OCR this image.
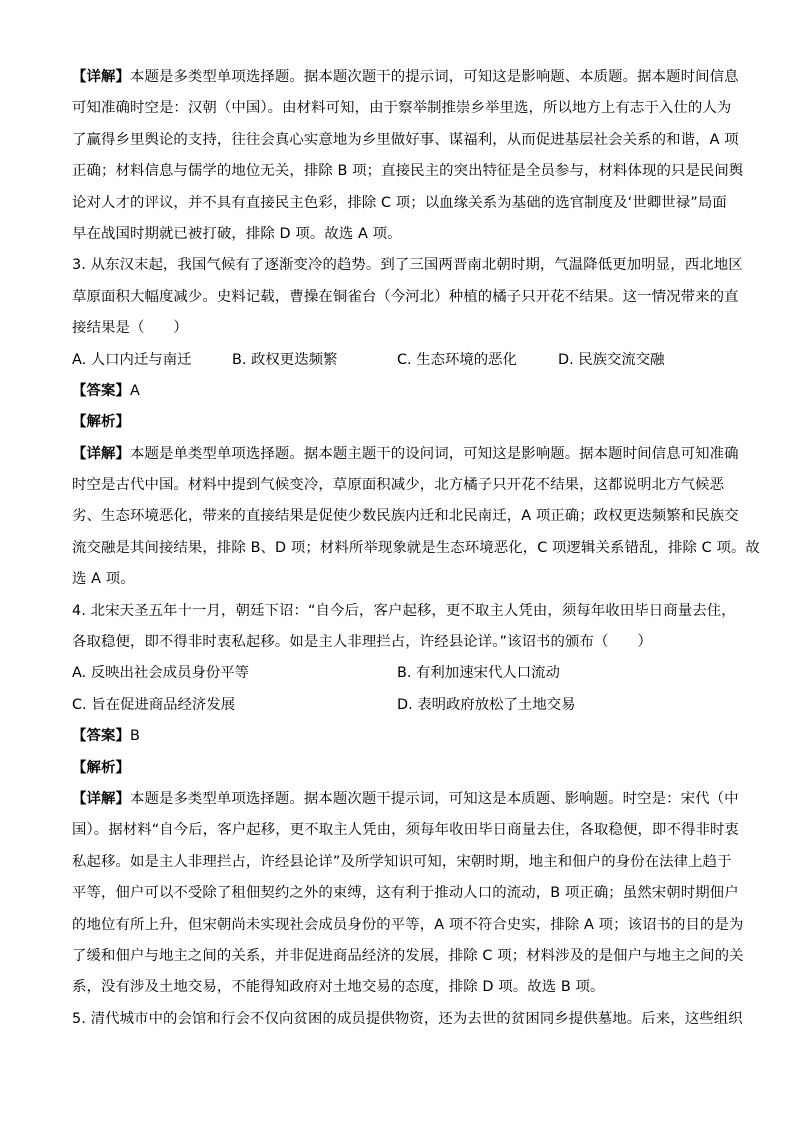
【详解】本题是多类型单项选择题。据本题次题干的提示词，可知这是影响题、本质题。据本题时间信息
可知准确时空是：汉朝（中国）。由材料可知，由于察举制推崇乡举里选，所以地方上有志于入仕的人为
了赢得乡里舆论的支持，往往会真心实意地为乡里做好事、谋福利，从而促进基层社会关系的和谐，A 项
正确；材料信息与儒学的地位无关，排除 B 项；直接民主的突出特征是全员参与，材料体现的只是民间舆
论对人才的评议，并不具有直接民主色彩，排除 C 项；以血缘关系为基础的选官制度及‘世卿世禄”局面
早在战国时期就已被打破，排除 D 项。故选 A 项。
3. 从东汉末起，我国气候有了逐渐变冷的趋势。到了三国两晋南北朝时期，气温降低更加明显，西北地区
草原面积大幅度减少。史料记载，曹操在铜雀台（今河北）种植的橘子只开花不结果。这一情况带来的直
接结果是（　　）
A. 人口内迁与南迁	B. 政权更迭频繁	C. 生态环境的恶化	D. 民族交流交融
【答案】A
【解析】
【详解】本题是单类型单项选择题。据本题主题干的设问词，可知这是影响题。据本题时间信息可知准确
时空是古代中国。材料中提到气候变冷，草原面积减少，北方橘子只开花不结果，这都说明北方气候恶
劣、生态环境恶化，带来的直接结果是促使少数民族内迁和北民南迁，A 项正确；政权更迭频繁和民族交
流交融是其间接结果，排除 B、D 项；材料所举现象就是生态环境恶化，C 项逻辑关系错乱，排除 C 项。故
选 A 项。
4. 北宋天圣五年十一月，朝廷下诏：“自今后，客户起移，更不取主人凭由，须每年收田毕日商量去住，
各取稳便，即不得非时衷私起移。如是主人非理拦占，许经县论详。”该诏书的颁布（　　）
A. 反映出社会成员身份平等	B. 有利加速宋代人口流动
C. 旨在促进商品经济发展	D. 表明政府放松了土地交易
【答案】B
【解析】
【详解】本题是多类型单项选择题。据本题次题干提示词，可知这是本质题、影响题。时空是：宋代（中
国）。据材料“自今后，客户起移，更不取主人凭由，须每年收田毕日商量去住，各取稳便，即不得非时衷
私起移。如是主人非理拦占，许经县论详”及所学知识可知，宋朝时期，地主和佃户的身份在法律上趋于
平等，佃户可以不受除了租佃契约之外的束缚，这有利于推动人口的流动，B 项正确；虽然宋朝时期佃户
的地位有所上升，但宋朝尚未实现社会成员身份的平等，A 项不符合史实，排除 A 项；该诏书的目的是为
了缓和佃户与地主之间的关系，并非促进商品经济的发展，排除 C 项；材料涉及的是佃户与地主之间的关
系，没有涉及土地交易，不能得知政府对土地交易的态度，排除 D 项。故选 B 项。
5. 清代城市中的会馆和行会不仅向贫困的成员提供物资，还为去世的贫困同乡提供墓地。后来，这些组织
